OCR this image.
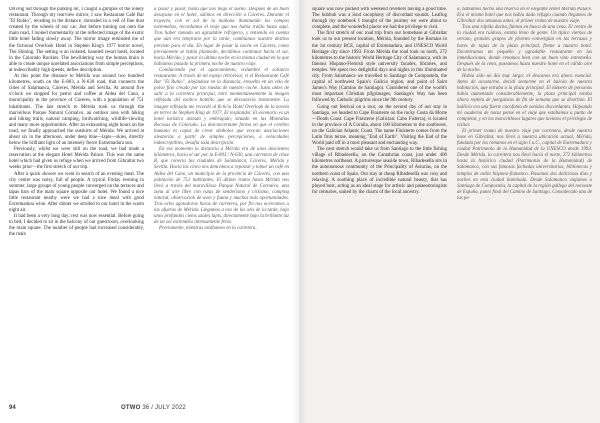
Driving out through the parking lot, I caught a glimpse of the lonely restaurant. Through my rearview mirror, I saw Restaurant Café Bar "El Rubio", receding in the distance, shrouded in a veil of fine dust created by the wheels of our car. Just before turning out onto the main road, I looked momentarily at the reflected image of the exotic little hotel fading slowly away. The mirror image reminded me of the fictional Overlook Hotel in Stephen King's 1977 horror novel, The Shining. The setting is an isolated, haunted resort hotel, located in the Colorado Rockies. The bewildering way the human brain is able to create unique unrelated associations from simple perceptions, at indescribably high speeds, defies description.

At this point the distance to Mérida was around two hundred kilometres, south on the E-803, a N-630 road, that connects the cities of Salamanca, Cáceres, Mérida and Sevilla. At around five o'clock we stopped for petrol and coffee at Aldea del Cano, a municipality in the province of Cáceres, with a population of 751 inhabitants. The last stretch to Mérida took us through the marvellous Parque Natural Cornalvo, an outdoor area with hiking and biking trails, natural camping, birdwatching, wildlife-viewing and many more opportunities. After an exhausting eight hours on the road, we finally approached the outskirts of Mérida. We arrived at about six in the afternoon, under deep blue—lapis—skies, directly below the brilliant light of an intensely fierce Extremadura sun.

Previously, whilst we were still on the road, we had made a reservation at the elegant Hotel Mérida Palace. This was the same hotel which had given us refuge when we arrived from Gibraltar two weeks prior—the first stretch of our trip.

After a quick shower we went in search of an evening meal. The city centre was noisy, full of people. A typical Friday evening in summer, large groups of young people converged on the terraces and tapas bars of the main square opposite our hotel. We found a nice little restaurant nearby were we had a nice meal with good Extremadura wine. After dinner we strolled to our hotel in the warm night air.

It had been a very long day; rest was now essential. Before going to bed, I decided to sit in the balcony of our guestroom, overlooking the main square. The number of people had increased considerably, the main

a pasar y pasar, hasta que nos llegó el sueño. Después de un buen desayuno en el hotel, salimos en dirección a Cáceres. Durante el trayecto, con el sol de la mañana iluminando los campos extremeños, recordamos el viaje que nos había traído hasta aquí. Tras haber tomado un agradable refrigerio, y teniendo en cuenta que aún era temprano por la tarde, cambiamos nuestro destino previsto para el día. En lugar de pasar la noche en Cáceres, como previamente se había planeado, decidimos continuar hacia el sur, hacia Mérida, y pasar la última noche en la misma ciudad en la que habíamos pasado la primera noche de nuestro viaje.

Conduciendo por el aparcamiento, vislumbré el solitario restaurante. A través de mi espejo retrovisor, vi el Restaurante Café Bar "El Rubio", alejándose en la distancia, envuelto en un velo de polvo fino creado por las ruedas de nuestro coche. Justo antes de salir a la carretera principal, miré momentáneamente la imagen reflejada del exótico hotelito que se desvanecía lentamente. La imagen reflejada me recordó al ficticio Hotel Overlook de la novela de terror de Stephen King de 1977, El resplandor. El escenario es un hotel turístico aislado y embrujado, situado en las Montañas Rocosas de Colorado. La desconcertante forma en que el cerebro humano es capaz de crear símbolos que evocan asociaciones aleatorias a partir de simples percepciones, a velocidades indescriptibles, desafía toda descripción.

En ese momento la distancia a Mérida era de unos doscientos kilómetros, hacia el sur por la E-803 / N-630, una carretera de clase B, que conecta las ciudades de Salamanca, Cáceres, Mérida y Sevilla. Hacia las cinco nos detuvimos a repostar y tomar un café en Aldea del Cano, un municipio de la provincia de Cáceres, con una población de 751 habitantes. El último tramo hasta Mérida nos llevó a través del maravilloso Parque Natural de Cornalvo, una zona al aire libre con rutas de senderismo y ciclismo, camping natural, observación de aves y fauna y muchas más oportunidades. Tras ocho agotadoras horas de carretera, por fin nos acercamos a las afueras de Mérida. Llegamos a eso de las seis de la tarde, bajo unos profundos cielos azules lapis, directamente bajo la brillante luz de un sol extremeño intensamente feroz.

Previamente, mientras estábamos en la carretera,

94	OTWO 36 / JULY 2022

square was now packed with weekend revellers having a good time. The hubbub was a loud cacophony of discordant sounds. Leafing through my notebook I thought of the journey we were about to complete, and the wonderful places we had the privilege to visit.

The first stretch of our road trip from our homebase at Gibraltar took us to our present location, Mérida, founded by the Romans in the 1st century BCE, capital of Extremadura, and UNESCO World Heritage city since 1993. From Mérida the road took us north, 272 kilometres to the historic World Heritage City of Salamanca, with its famous Hispano-Flemish style university facades, libraries, and temples. We spent two delightful days and nights in this illuminated city. From Salamanca we travelled to Santiago de Compostela, the capital of northwest Spain's Galicia region, and point of Saint James's Way (Camino de Santiago). Considered one of the world's most important Christian pilgrimages, Santiago's Way has been followed by Catholic pilgrims since the 9th century.

Going out festival on a tour, on the second day of our stay in Santiago, we headed to Cape Finisterre on the rocky Costa da Morte—Death Coast. Cape Finisterre (Galician: Cabo Fisterra), is located in the province of A Coruña, about 100 kilometres to the southwest, on the Galician Atlantic Coast. The name Finisterre comes from the Latin finis terrae, meaning "End of Earth". Visiting the End of the World paid off in a most pleasant and enchanting way.

The next stretch would take us from Santiago to the little fishing village of Ribadesella, on the Cantabrian coast, just under 400 kilometres northeast. A picturesque seaside town, Ribadesella sits in the autonomous community of the Principality of Asturias, on the northern coast of Spain. Our stay at cheap Ribadesella was cosy and relaxing. A soothing place of incredible natural beauty, that has played host, acting as an ideal stage for artistic and palaeontologists for centuries, united by the charm of the local ancestry.

a, habíamos hecho una reserva en el elegante Hotel Mérida Palace. Era el mismo hotel que nos había dado refugio cuando llegamos de Gibraltar dos semanas antes, el primer tramo de nuestro viaje.

Tras una rápida ducha, fuimos en busca de una cena. El centro de la ciudad era ruidoso, estaba lleno de gente. Un típico viernes de verano, grandes grupos de jóvenes convergían en las terrazas y bares de tapas de la plaza principal, frente a nuestro hotel. Encontramos un pequeño y agradable restaurante en las inmediaciones, donde cenamos bien con un buen vino extremeño. Después de la cena, paseamos hasta nuestro hotel en el cálido aire de la noche.

Había sido un día muy largo; el descanso era ahora esencial. Antes de acostarme, decidí sentarme en el balcón de nuestra habitación, que miraba a la plaza principal. El número de personas había aumentado considerablemente, la plaza principal estaba ahora repleta de juerguistas de fin de semana que se divertían. El bullicio era una fuerte cacofonía de sonidos discordantes. Hojeando mi cuaderno de notas pensé en el viaje que estábamos a punto de completar, y en los maravillosos lugares que tuvimos el privilegio de visitar.

El primer tramo de nuestro viaje por carretera, desde nuestra base en Gibraltar, nos llevó a nuestra ubicación actual, Mérida, fundada por los romanos en el siglo I a.C., capital de Extremadura y ciudad Patrimonio de la Humanidad de la UNESCO desde 1993. Desde Mérida, la carretera nos llevó hacia el norte, 272 kilómetros hasta la histórica ciudad (Patrimonio de la Humanidad) de Salamanca, con sus famosas fachadas universitarias, bibliotecas y templos de estilo hispano-flamenco. Pasamos dos deliciosos días y noches en esta ciudad iluminada. Desde Salamanca viajamos a Santiago de Compostela, la capital de la región gallega del noroeste de España, punto final del Camino de Santiago. Considerado una de las pe-
